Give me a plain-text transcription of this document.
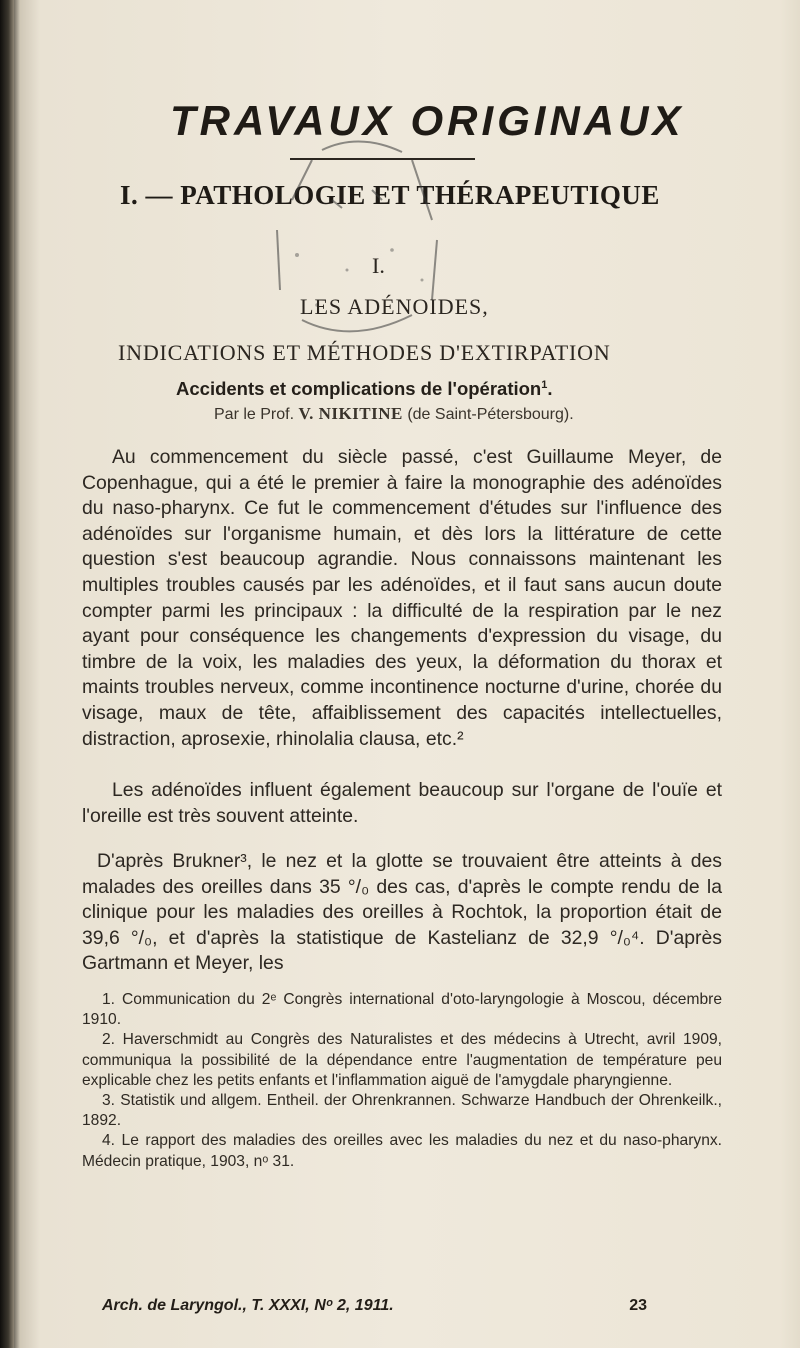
TRAVAUX ORIGINAUX
I. — PATHOLOGIE ET THÉRAPEUTIQUE
I.
LES ADÉNOIDES,
INDICATIONS ET MÉTHODES D'EXTIRPATION
Accidents et complications de l'opération$^1$.
Par le Prof. V. NIKITINE (de Saint-Pétersbourg).
Au commencement du siècle passé, c'est Guillaume Meyer, de Copenhague, qui a été le premier à faire la monographie des adénoïdes du naso-pharynx. Ce fut le commencement d'études sur l'influence des adénoïdes sur l'organisme humain, et dès lors la littérature de cette question s'est beaucoup agrandie. Nous connaissons maintenant les multiples troubles causés par les adénoïdes, et il faut sans aucun doute compter parmi les principaux : la difficulté de la respiration par le nez ayant pour conséquence les changements d'expression du visage, du timbre de la voix, les maladies des yeux, la déformation du thorax et maints troubles nerveux, comme incontinence nocturne d'urine, chorée du visage, maux de tête, affaiblissement des capacités intellectuelles, distraction, aprosexie, rhinolalia clausa, etc.²
Les adénoïdes influent également beaucoup sur l'organe de l'ouïe et l'oreille est très souvent atteinte.
D'après Brukner³, le nez et la glotte se trouvaient être atteints à des malades des oreilles dans 35 °/₀ des cas, d'après le compte rendu de la clinique pour les maladies des oreilles à Rochtok, la proportion était de 39,6 °/₀, et d'après la statistique de Kastelianz de 32,9 °/₀⁴. D'après Gartmann et Meyer, les

1. Communication du 2ᵉ Congrès international d'oto-laryngologie à Moscou, décembre 1910.

2. Haverschmidt au Congrès des Naturalistes et des médecins à Utrecht, avril 1909, communiqua la possibilité de la dépendance entre l'augmentation de température peu explicable chez les petits enfants et l'inflammation aiguë de l'amygdale pharyngienne.

3. Statistik und allgem. Entheil. der Ohrenkrannen. Schwarze Handbuch der Ohrenkeilk., 1892.

4. Le rapport des maladies des oreilles avec les maladies du nez et du naso-pharynx. Médecin pratique, 1903, nᵒ 31.

Arch. de Laryngol., T. XXXI, Nᵒ 2, 1911.	23
